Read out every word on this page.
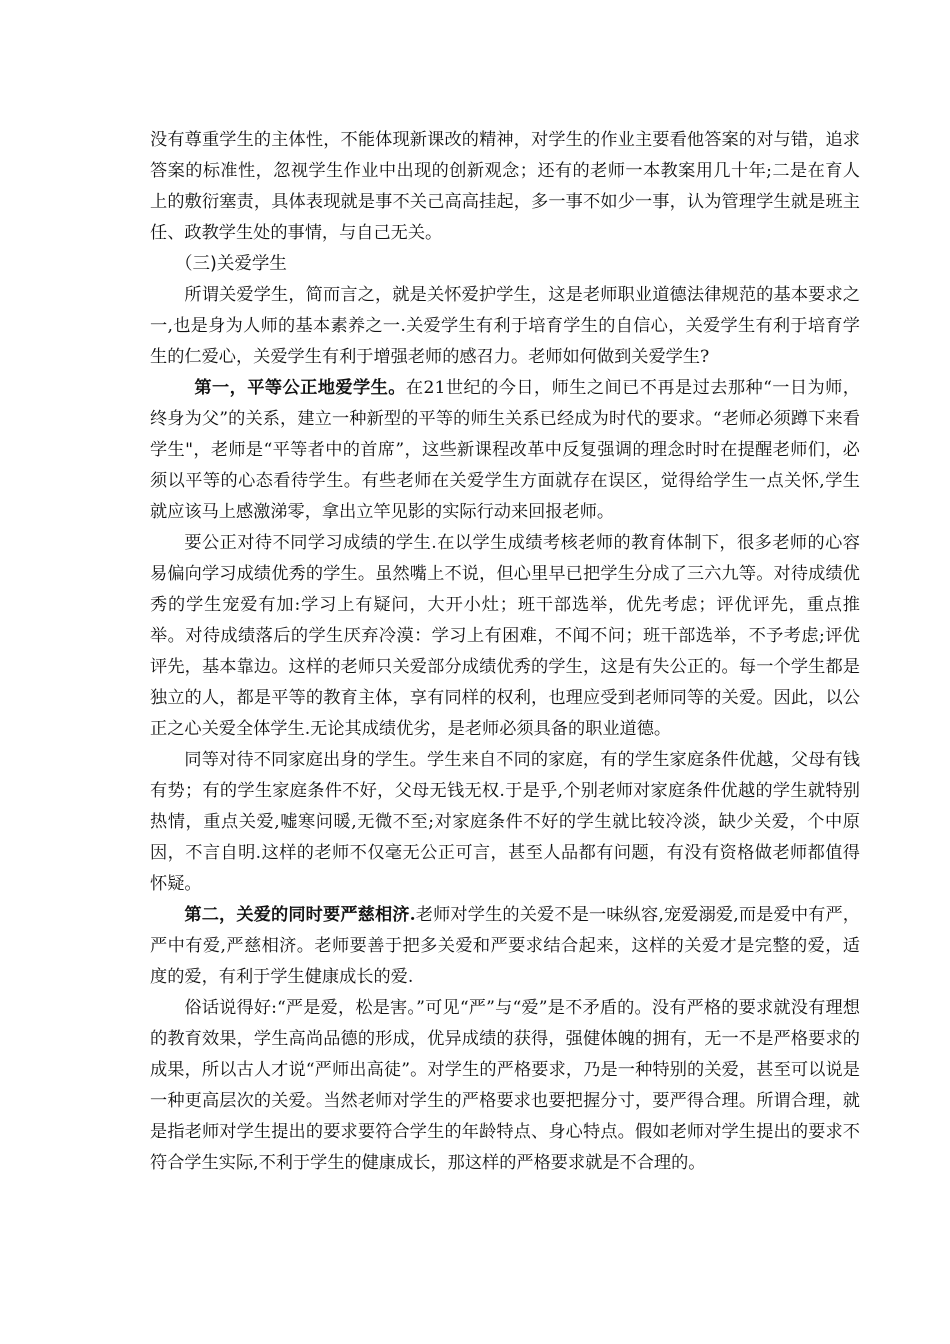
没有尊重学生的主体性，不能体现新课改的精神，对学生的作业主要看他答案的对与错，追求答案的标准性，忽视学生作业中出现的创新观念；还有的老师一本教案用几十年;二是在育人上的敷衍塞责，具体表现就是事不关己高高挂起，多一事不如少一事，认为管理学生就是班主任、政教学生处的事情，与自己无关。

（三)关爱学生

所谓关爱学生，简而言之，就是关怀爱护学生，这是老师职业道德法律规范的基本要求之一,也是身为人师的基本素养之一.关爱学生有利于培育学生的自信心，关爱学生有利于培育学生的仁爱心，关爱学生有利于增强老师的感召力。老师如何做到关爱学生?

第一，平等公正地爱学生。在21世纪的今日，师生之间已不再是过去那种“一日为师，终身为父”的关系，建立一种新型的平等的师生关系已经成为时代的要求。“老师必须蹲下来看学生"，老师是“平等者中的首席”，这些新课程改革中反复强调的理念时时在提醒老师们，必须以平等的心态看待学生。有些老师在关爱学生方面就存在误区，觉得给学生一点关怀,学生就应该马上感激涕零，拿出立竿见影的实际行动来回报老师。

要公正对待不同学习成绩的学生.在以学生成绩考核老师的教育体制下，很多老师的心容易偏向学习成绩优秀的学生。虽然嘴上不说，但心里早已把学生分成了三六九等。对待成绩优秀的学生宠爱有加:学习上有疑问，大开小灶；班干部选举，优先考虑；评优评先，重点推举。对待成绩落后的学生厌弃冷漠：学习上有困难，不闻不问；班干部选举，不予考虑;评优评先，基本靠边。这样的老师只关爱部分成绩优秀的学生，这是有失公正的。每一个学生都是独立的人，都是平等的教育主体，享有同样的权利，也理应受到老师同等的关爱。因此，以公正之心关爱全体学生.无论其成绩优劣，是老师必须具备的职业道德。

同等对待不同家庭出身的学生。学生来自不同的家庭，有的学生家庭条件优越，父母有钱有势；有的学生家庭条件不好，父母无钱无权.于是乎,个别老师对家庭条件优越的学生就特别热情，重点关爱,嘘寒问暖,无微不至;对家庭条件不好的学生就比较冷淡，缺少关爱，个中原因，不言自明.这样的老师不仅毫无公正可言，甚至人品都有问题，有没有资格做老师都值得怀疑。

第二，关爱的同时要严慈相济.老师对学生的关爱不是一味纵容,宠爱溺爱,而是爱中有严，严中有爱,严慈相济。老师要善于把多关爱和严要求结合起来，这样的关爱才是完整的爱，适度的爱，有利于学生健康成长的爱.

俗话说得好:“严是爱，松是害。”可见“严”与“爱”是不矛盾的。没有严格的要求就没有理想的教育效果，学生高尚品德的形成，优异成绩的获得，强健体魄的拥有，无一不是严格要求的成果，所以古人才说“严师出高徒”。对学生的严格要求，乃是一种特别的关爱，甚至可以说是一种更高层次的关爱。当然老师对学生的严格要求也要把握分寸，要严得合理。所谓合理，就是指老师对学生提出的要求要符合学生的年龄特点、身心特点。假如老师对学生提出的要求不符合学生实际,不利于学生的健康成长，那这样的严格要求就是不合理的。
